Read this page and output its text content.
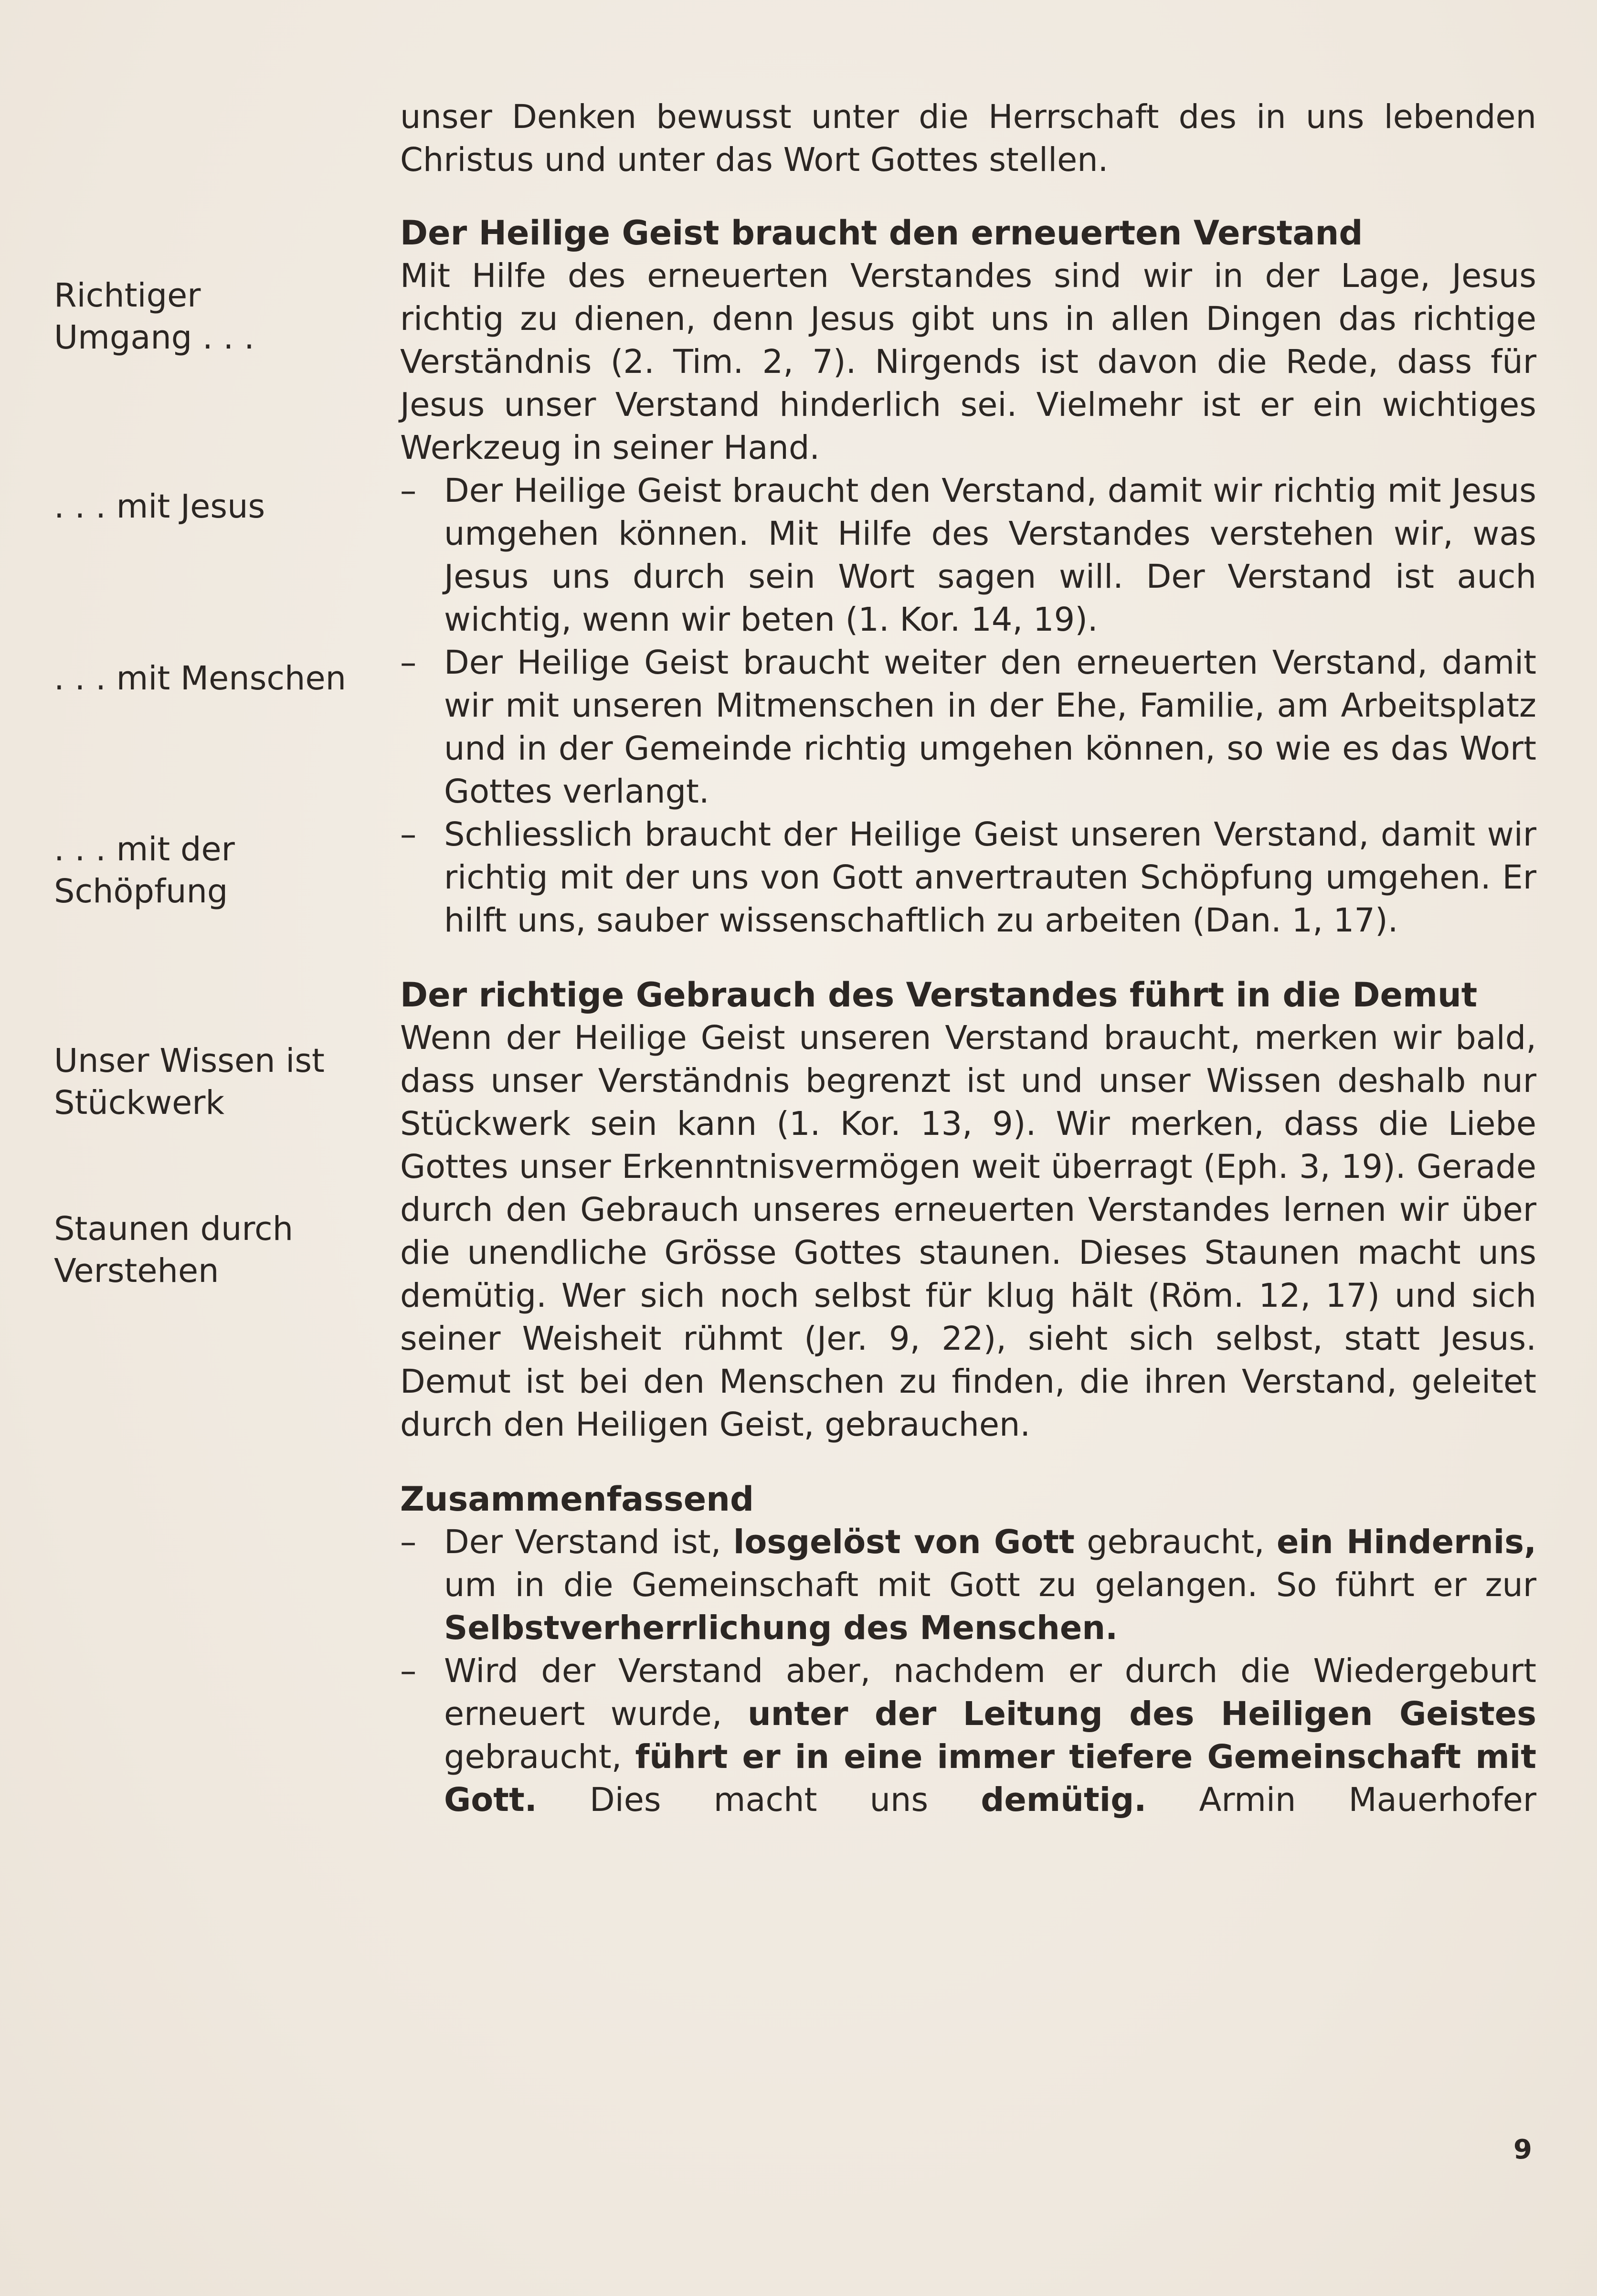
Richtiger
Umgang . . .

. . . mit Jesus

. . . mit Menschen

. . . mit der
Schöpfung

Unser Wissen ist
Stückwerk

Staunen durch
Verstehen

unser Denken bewusst unter die Herrschaft des in uns lebenden Christus und unter das Wort Gottes stellen.

Der Heilige Geist braucht den erneuerten Verstand

Mit Hilfe des erneuerten Verstandes sind wir in der Lage, Jesus richtig zu dienen, denn Jesus gibt uns in allen Dingen das richtige Verständnis (2. Tim. 2, 7). Nirgends ist davon die Rede, dass für Jesus unser Verstand hinderlich sei. Vielmehr ist er ein wichtiges Werkzeug in seiner Hand.

– Der Heilige Geist braucht den Verstand, damit wir richtig mit Jesus umgehen können. Mit Hilfe des Verstandes verstehen wir, was Jesus uns durch sein Wort sagen will. Der Verstand ist auch wichtig, wenn wir beten (1. Kor. 14, 19).
– Der Heilige Geist braucht weiter den erneuerten Verstand, damit wir mit unseren Mitmenschen in der Ehe, Familie, am Arbeitsplatz und in der Gemeinde richtig umgehen können, so wie es das Wort Gottes verlangt.
– Schliesslich braucht der Heilige Geist unseren Verstand, damit wir richtig mit der uns von Gott anvertrauten Schöpfung umgehen. Er hilft uns, sauber wissenschaftlich zu arbeiten (Dan. 1, 17).
Der richtige Gebrauch des Verstandes führt in die Demut

Wenn der Heilige Geist unseren Verstand braucht, merken wir bald, dass unser Verständnis begrenzt ist und unser Wissen deshalb nur Stückwerk sein kann (1. Kor. 13, 9). Wir merken, dass die Liebe Gottes unser Erkenntnisvermögen weit überragt (Eph. 3, 19). Gerade durch den Gebrauch unseres erneuerten Verstandes lernen wir über die unendliche Grösse Gottes staunen. Dieses Staunen macht uns demütig. Wer sich noch selbst für klug hält (Röm. 12, 17) und sich seiner Weisheit rühmt (Jer. 9, 22), sieht sich selbst, statt Jesus. Demut ist bei den Menschen zu finden, die ihren Verstand, geleitet durch den Heiligen Geist, gebrauchen.

Zusammenfassend
– Der Verstand ist, losgelöst von Gott gebraucht, ein Hindernis, um in die Gemeinschaft mit Gott zu gelangen. So führt er zur Selbstverherrlichung des Menschen.
– Wird der Verstand aber, nachdem er durch die Wiedergeburt erneuert wurde, unter der Leitung des Heiligen Geistes gebraucht, führt er in eine immer tiefere Gemeinschaft mit Gott. Dies macht uns demütig. Armin Mauerhofer
9
